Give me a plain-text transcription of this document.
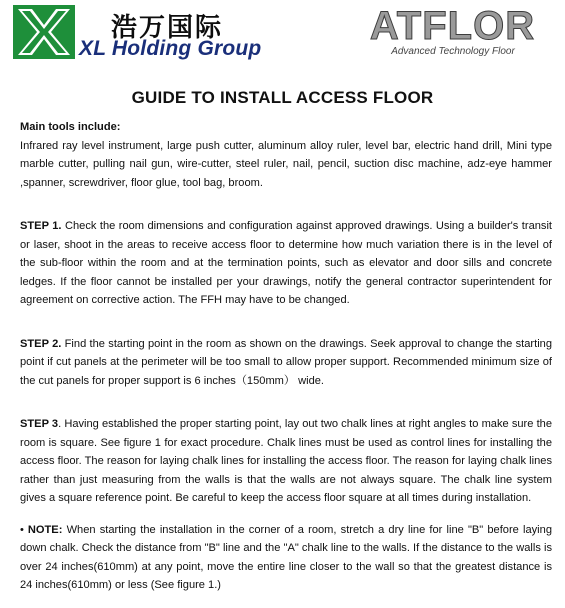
浩万国际
XL Holding Group
ATFLOR
Advanced Technology Floor
GUIDE TO INSTALL ACCESS FLOOR

Main tools include:

Infrared ray level instrument, large push cutter, aluminum alloy ruler, level bar, electric hand drill, Mini type marble cutter, pulling nail gun, wire-cutter, steel ruler, nail, pencil, suction disc machine, adz-eye hammer ,spanner, screwdriver, floor glue, tool bag, broom.

STEP 1. Check the room dimensions and configuration against approved drawings. Using a builder's transit or laser, shoot in the areas to receive access floor to determine how much variation there is in the level of the sub-floor within the room and at the termination points, such as elevator and door sills and concrete ledges. If the floor cannot be installed per your drawings, notify the general contractor superintendent for agreement on corrective action. The FFH may have to be changed.

STEP 2. Find the starting point in the room as shown on the drawings. Seek approval to change the starting point if cut panels at the perimeter will be too small to allow proper support. Recommended minimum size of the cut panels for proper support is 6 inches（150mm） wide.

STEP 3. Having established the proper starting point, lay out two chalk lines at right angles to make sure the room is square. See figure 1 for exact procedure. Chalk lines must be used as control lines for installing the access floor. The reason for laying chalk lines for installing the access floor. The reason for laying chalk lines rather than just measuring from the walls is that the walls are not always square. The chalk line system gives a square reference point. Be careful to keep the access floor square at all times during installation.

• NOTE: When starting the installation in the corner of a room, stretch a dry line for line "B" before laying down chalk. Check the distance from "B" line and the "A" chalk line to the walls. If the distance to the walls is over 24 inches(610mm) at any point, move the entire line closer to the wall so that the greatest distance is 24 inches(610mm) or less (See figure 1.)
